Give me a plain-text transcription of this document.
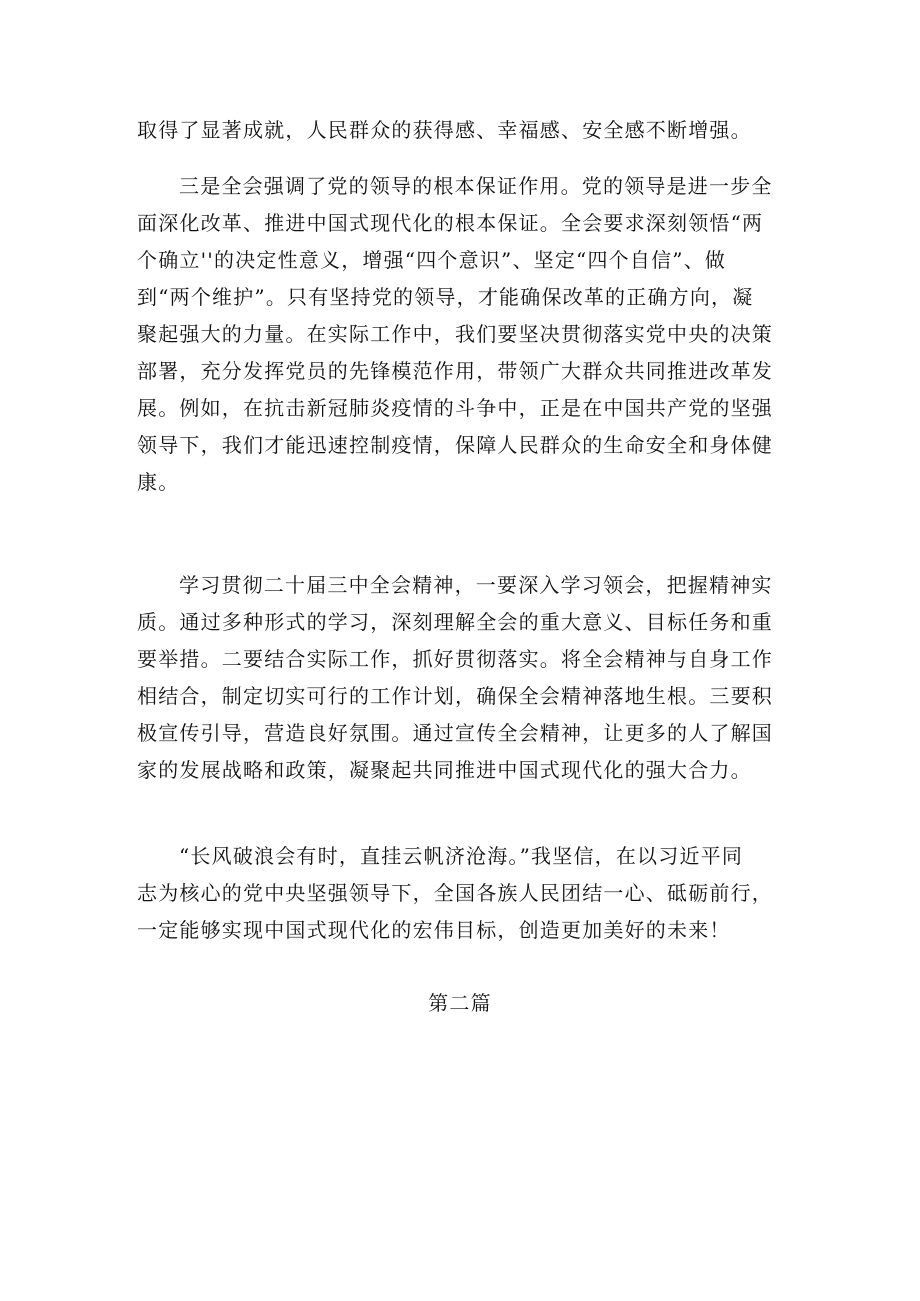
取得了显著成就，人民群众的获得感、幸福感、安全感不断增强。
三是全会强调了党的领导的根本保证作用。党的领导是进一步全
面深化改革、推进中国式现代化的根本保证。全会要求深刻领悟“两
个确立''的决定性意义，增强“四个意识”、坚定“四个自信”、做
到“两个维护”。只有坚持党的领导，才能确保改革的正确方向，凝
聚起强大的力量。在实际工作中，我们要坚决贯彻落实党中央的决策
部署，充分发挥党员的先锋模范作用，带领广大群众共同推进改革发
展。例如，在抗击新冠肺炎疫情的斗争中，正是在中国共产党的坚强
领导下，我们才能迅速控制疫情，保障人民群众的生命安全和身体健
康。
学习贯彻二十届三中全会精神，一要深入学习领会，把握精神实
质。通过多种形式的学习，深刻理解全会的重大意义、目标任务和重
要举措。二要结合实际工作，抓好贯彻落实。将全会精神与自身工作
相结合，制定切实可行的工作计划，确保全会精神落地生根。三要积
极宣传引导，营造良好氛围。通过宣传全会精神，让更多的人了解国
家的发展战略和政策，凝聚起共同推进中国式现代化的强大合力。
“长风破浪会有时，直挂云帆济沧海。”我坚信，在以习近平同
志为核心的党中央坚强领导下，全国各族人民团结一心、砥砺前行，
一定能够实现中国式现代化的宏伟目标，创造更加美好的未来！
第二篇
